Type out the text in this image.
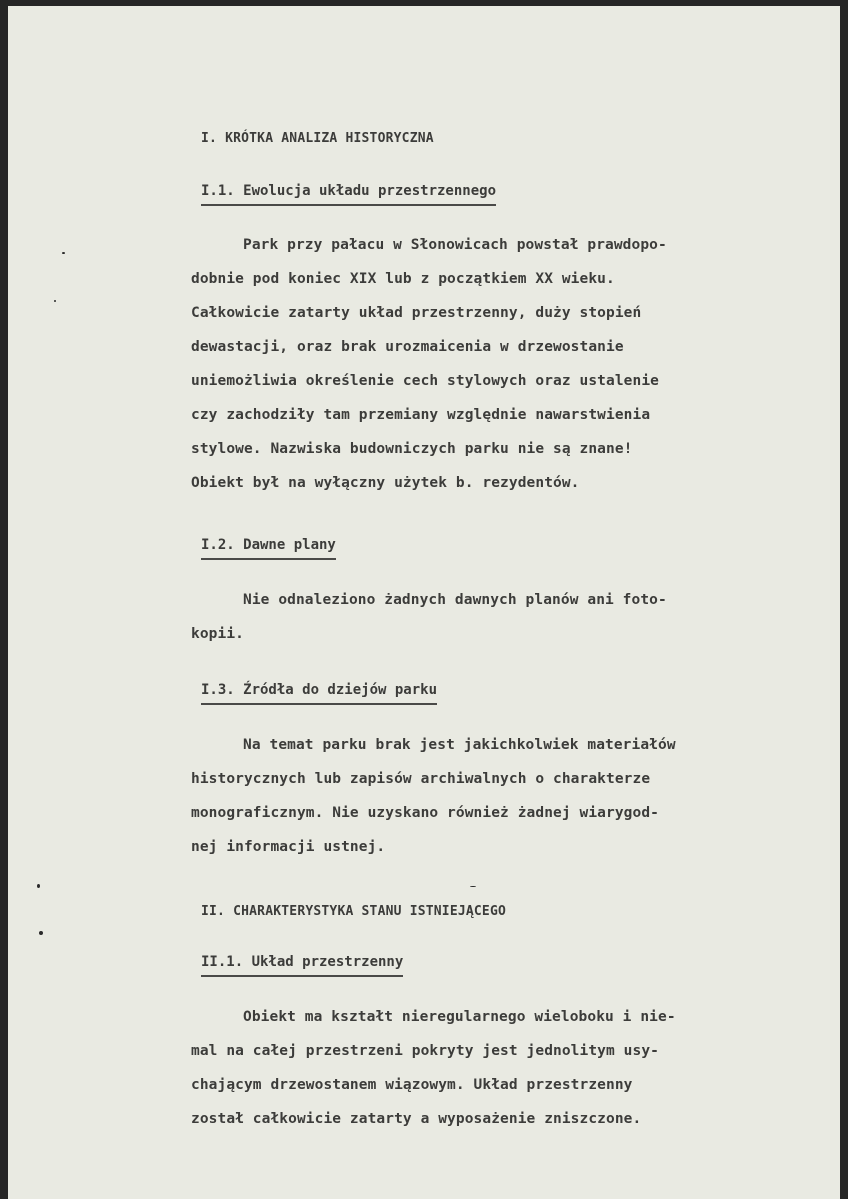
I. KRÓTKA ANALIZA HISTORYCZNA
I.1. Ewolucja układu przestrzennego
Park przy pałacu w Słonowicach powstał prawdopo-
dobnie pod koniec XIX lub z początkiem XX wieku.
Całkowicie zatarty układ przestrzenny, duży stopień
dewastacji, oraz brak urozmaicenia w drzewostanie
uniemożliwia określenie cech stylowych oraz ustalenie
czy zachodziły tam przemiany względnie nawarstwienia
stylowe. Nazwiska budowniczych parku nie są znane!
Obiekt był na wyłączny użytek b. rezydentów.
I.2. Dawne plany
Nie odnaleziono żadnych dawnych planów ani foto-
kopii.
I.3. Źródła do dziejów parku
Na temat parku brak jest jakichkolwiek materiałów
historycznych lub zapisów archiwalnych o charakterze
monograficznym. Nie uzyskano również żadnej wiarygod-
nej informacji ustnej.
II. CHARAKTERYSTYKA STANU ISTNIEJĄCEGO
II.1. Układ przestrzenny
Obiekt ma kształt nieregularnego wieloboku i nie-
mal na całej przestrzeni pokryty jest jednolitym usy-
chającym drzewostanem wiązowym. Układ przestrzenny
został całkowicie zatarty a wyposażenie zniszczone.
